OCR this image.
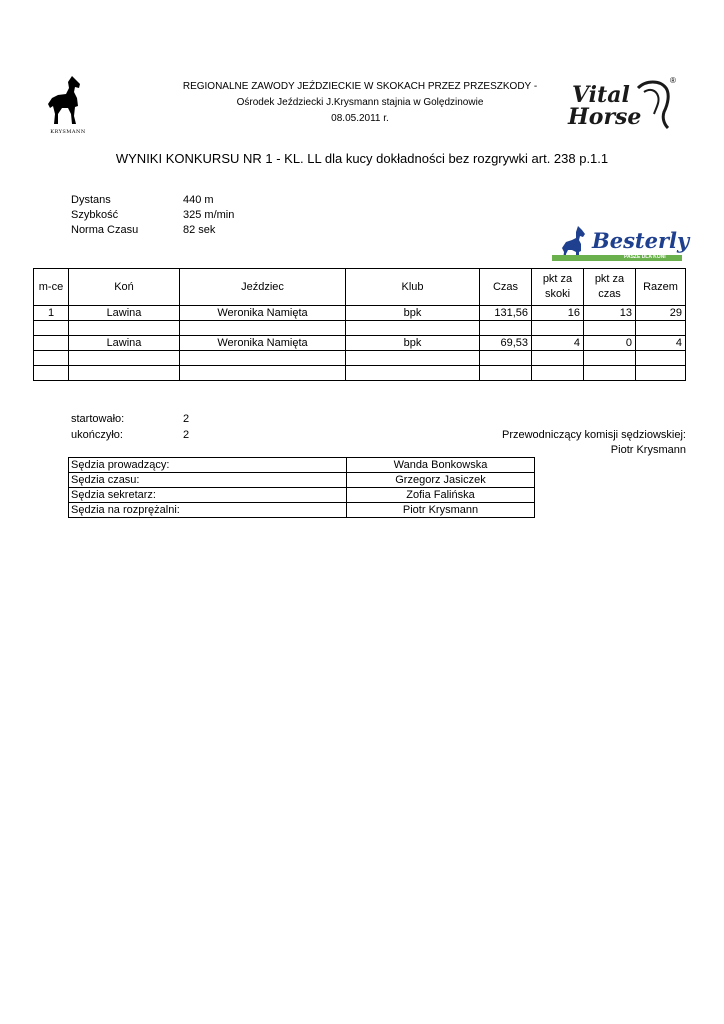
KRYSMANN
REGIONALNE ZAWODY JEŹDZIECKIE W SKOKACH PRZEZ PRZESZKODY -
Ośrodek Jeździecki J.Krysmann stajnia w Golędzinowie
08.05.2011 r.
Vital
Horse
®
WYNIKI KONKURSU NR 1 - KL. LL dla kucy dokładności bez rozgrywki art. 238 p.1.1
Dystans	440 m
Szybkość	325 m/min
Norma Czasu	82 sek	Besterly
PASZE DLA KONI
m-ce	Koń	Jeździec	Klub	Czas	pkt za skoki	pkt za czas	Razem
1	Lawina	Weronika Namięta	bpk	131,56	16	13	29

	Lawina	Weronika Namięta	bpk	69,53	4	0	4

startowało:	2
ukończyło:	2	Przewodniczący komisji sędziowskiej:
Piotr Krysmann
Sędzia prowadzący:	Wanda Bonkowska
Sędzia czasu:	Grzegorz Jasiczek
Sędzia sekretarz:	Zofia Falińska
Sędzia na rozprężalni:	Piotr Krysmann
